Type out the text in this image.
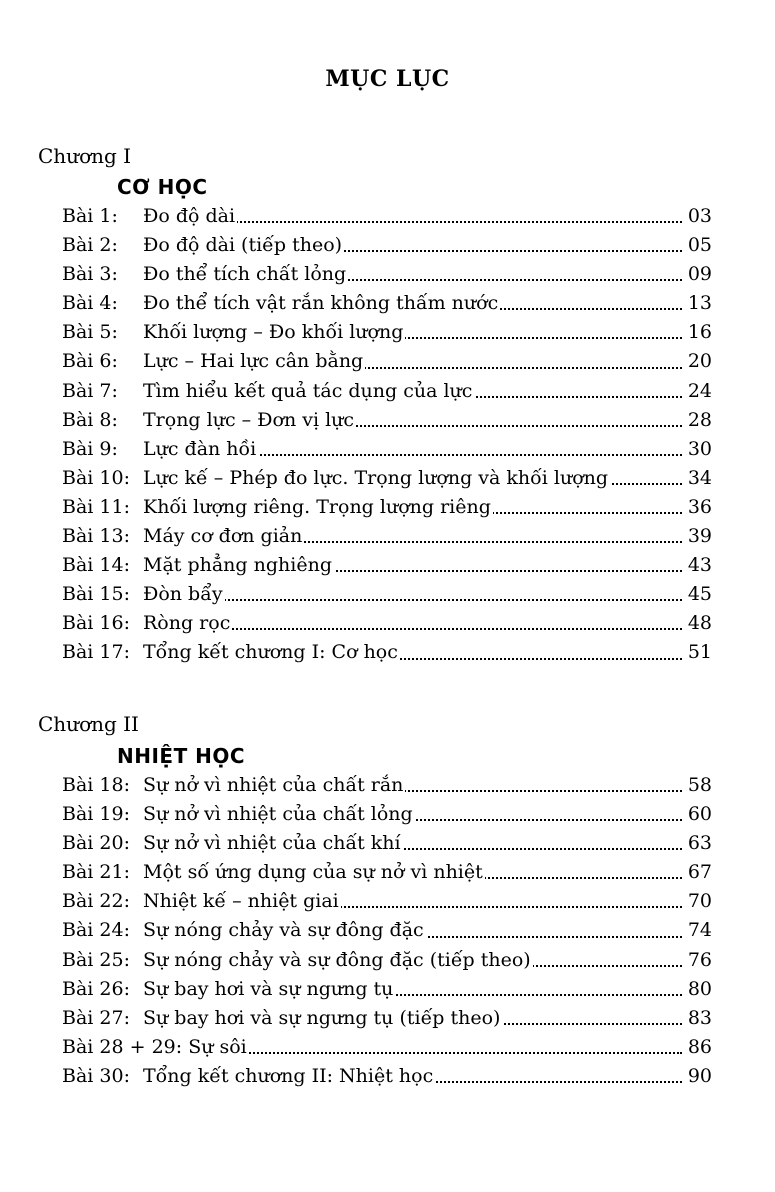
MỤC LỤC
Chương I
CƠ HỌC
Bài 1: Đo độ dài	03
Bài 2: Đo độ dài (tiếp theo)	05
Bài 3: Đo thể tích chất lỏng	09
Bài 4: Đo thể tích vật rắn không thấm nước	13
Bài 5: Khối lượng – Đo khối lượng	16
Bài 6: Lực – Hai lực cân bằng	20
Bài 7: Tìm hiểu kết quả tác dụng của lực	24
Bài 8: Trọng lực – Đơn vị lực	28
Bài 9: Lực đàn hồi	30
Bài 10: Lực kế – Phép đo lực. Trọng lượng và khối lượng	34
Bài 11: Khối lượng riêng. Trọng lượng riêng	36
Bài 13: Máy cơ đơn giản	39
Bài 14: Mặt phẳng nghiêng	43
Bài 15: Đòn bẩy	45
Bài 16: Ròng rọc	48
Bài 17: Tổng kết chương I: Cơ học	51
Chương II
NHIỆT HỌC
Bài 18: Sự nở vì nhiệt của chất rắn	58
Bài 19: Sự nở vì nhiệt của chất lỏng	60
Bài 20: Sự nở vì nhiệt của chất khí	63
Bài 21: Một số ứng dụng của sự nở vì nhiệt	67
Bài 22: Nhiệt kế – nhiệt giai	70
Bài 24: Sự nóng chảy và sự đông đặc	74
Bài 25: Sự nóng chảy và sự đông đặc (tiếp theo)	76
Bài 26: Sự bay hơi và sự ngưng tụ	80
Bài 27: Sự bay hơi và sự ngưng tụ (tiếp theo)	83
Bài 28 + 29: Sự sôi	86
Bài 30: Tổng kết chương II: Nhiệt học	90
